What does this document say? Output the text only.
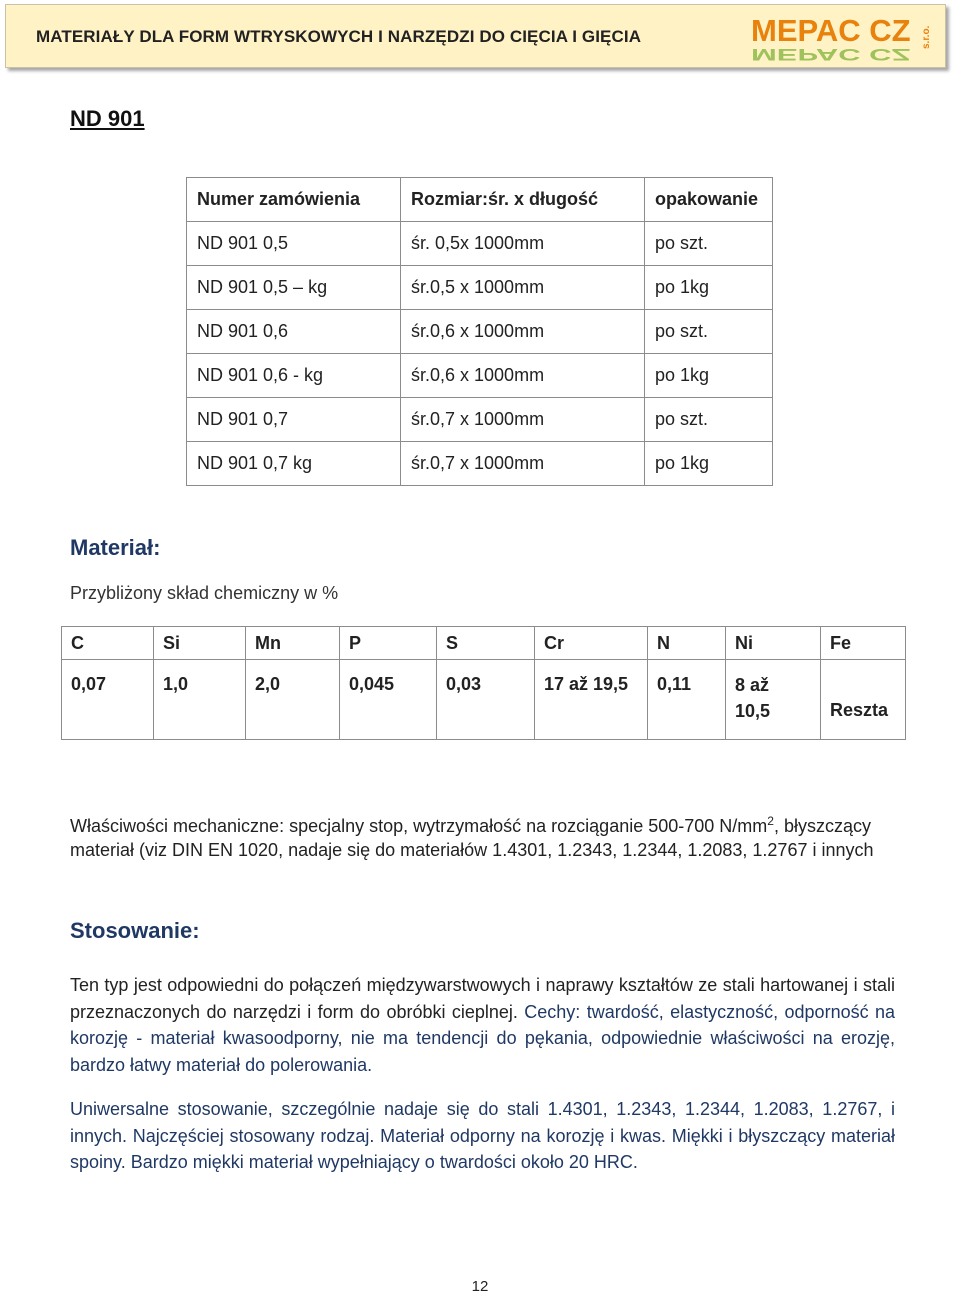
MATERIAŁY DLA FORM WTRYSKOWYCH I NARZĘDZI DO CIĘCIA I GIĘCIA	MEPAC CZ
MEPAC CZ
s.r.o.
ND 901
Numer zamówienia	Rozmiar:śr. x długość	opakowanie
ND 901 0,5	śr. 0,5x 1000mm	po szt.
ND 901 0,5 – kg	śr.0,5 x 1000mm	po 1kg
ND 901 0,6	śr.0,6 x 1000mm	po szt.
ND 901 0,6 - kg	śr.0,6 x 1000mm	po 1kg
ND 901 0,7	śr.0,7 x 1000mm	po szt.
ND 901 0,7 kg	śr.0,7 x 1000mm	po 1kg
Materiał:
Przybliżony skład chemiczny w %
C	Si	Mn	P	S	Cr	N	Ni	Fe
0,07	1,0	2,0	0,045	0,03	17 až 19,5	0,11	8 až 10,5	Reszta

Właściwości mechaniczne: specjalny stop, wytrzymałość na rozciąganie 500-700 $N/mm^2$, błyszczący materiał (viz DIN EN 1020, nadaje się do materiałów 1.4301, 1.2343, 1.2344, 1.2083, 1.2767 i innych

Stosowanie:

Ten typ jest odpowiedni do połączeń międzywarstwowych i naprawy kształtów ze stali hartowanej i stali przeznaczonych do narzędzi i form do obróbki cieplnej. Cechy: twardość, elastyczność, odporność na korozję - materiał kwasoodporny, nie ma tendencji do pękania, odpowiednie właściwości na erozję, bardzo łatwy materiał do polerowania.

Uniwersalne stosowanie, szczególnie nadaje się do stali 1.4301, 1.2343, 1.2344, 1.2083, 1.2767, i innych. Najczęściej stosowany rodzaj. Materiał odporny na korozję i kwas. Miękki i błyszczący materiał spoiny. Bardzo miękki materiał wypełniający o twardości około 20 HRC.

12
